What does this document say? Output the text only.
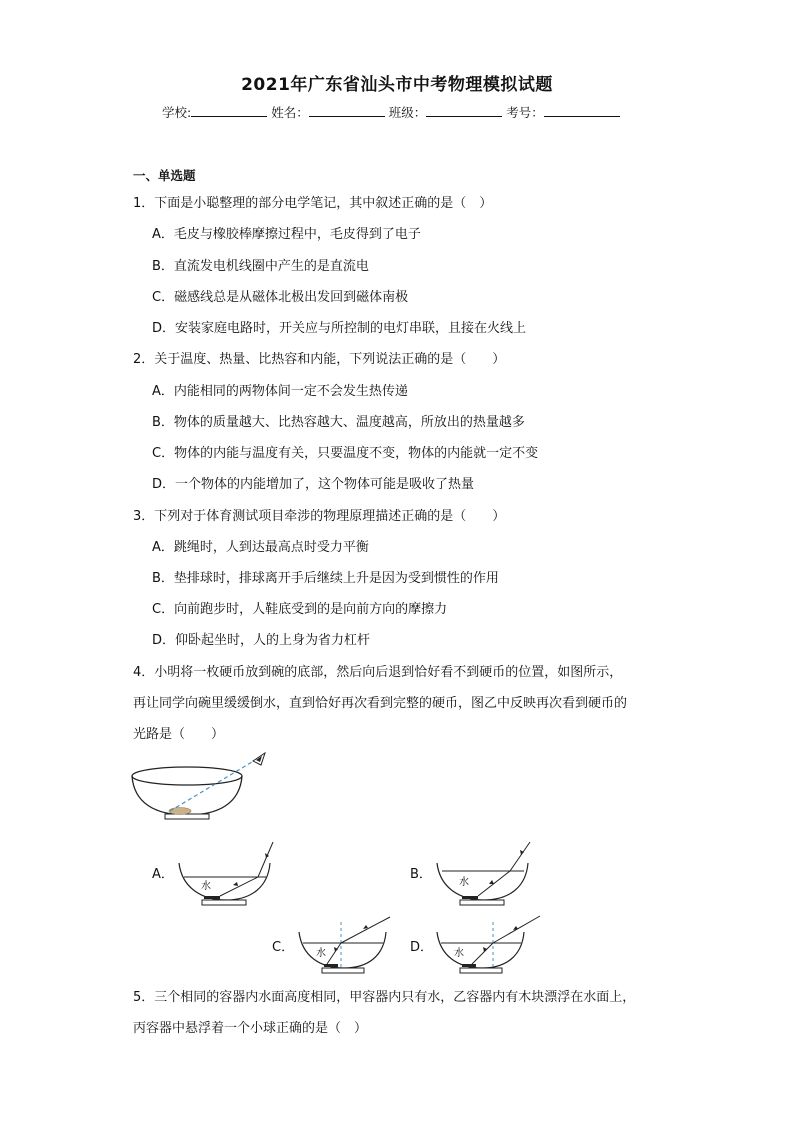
2021年广东省汕头市中考物理模拟试题
学校:	姓名：	班级：	考号：
一、单选题
1．下面是小聪整理的部分电学笔记，其中叙述正确的是（　）
A．毛皮与橡胶棒摩擦过程中，毛皮得到了电子
B．直流发电机线圈中产生的是直流电
C．磁感线总是从磁体北极出发回到磁体南极
D．安装家庭电路时，开关应与所控制的电灯串联，且接在火线上
2．关于温度、热量、比热容和内能，下列说法正确的是（　　）
A．内能相同的两物体间一定不会发生热传递
B．物体的质量越大、比热容越大、温度越高，所放出的热量越多
C．物体的内能与温度有关，只要温度不变，物体的内能就一定不变
D．一个物体的内能增加了，这个物体可能是吸收了热量
3．下列对于体育测试项目牵涉的物理原理描述正确的是（　　）
A．跳绳时，人到达最高点时受力平衡
B．垫排球时，排球离开手后继续上升是因为受到惯性的作用
C．向前跑步时，人鞋底受到的是向前方向的摩擦力
D．仰卧起坐时，人的上身为省力杠杆
4．小明将一枚硬币放到碗的底部，然后向后退到恰好看不到硬币的位置，如图所示，
再让同学向碗里缓缓倒水，直到恰好再次看到完整的硬币，图乙中反映再次看到硬币的
光路是（　　）
A．
水
B．
水
C． 水	D． 水
5．三个相同的容器内水面高度相同，甲容器内只有水，乙容器内有木块漂浮在水面上，
丙容器中悬浮着一个小球正确的是（　）
